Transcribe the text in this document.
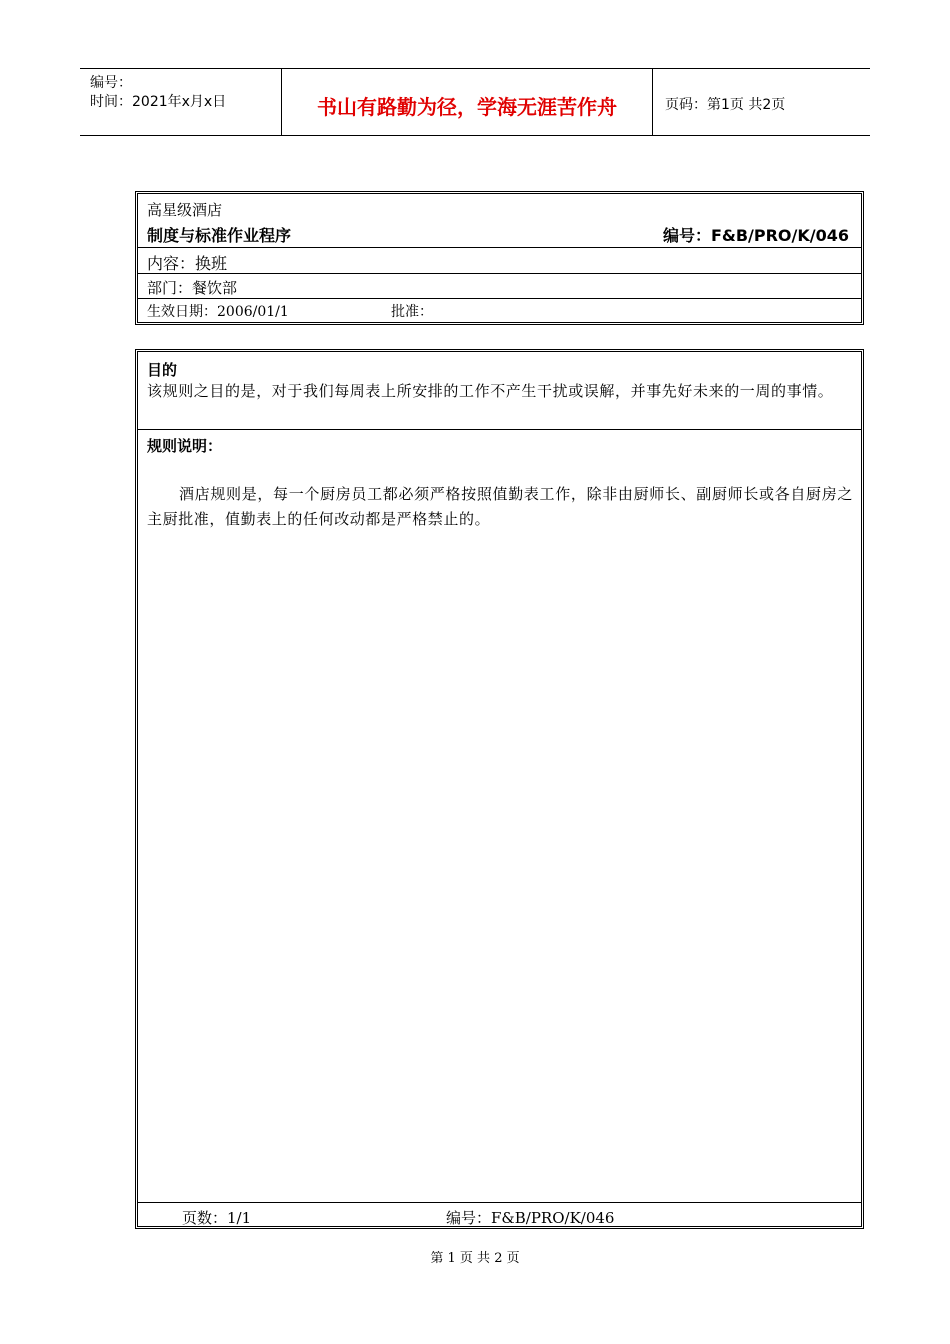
编号：
时间：2021年x月x日	书山有路勤为径，学海无涯苦作舟	页码：第1页 共2页
高星级酒店
制度与标准作业程序	编号：F&B/PRO/K/046
内容：换班
部门：餐饮部
生效日期：2006/01/1	批准：
目的
该规则之目的是，对于我们每周表上所安排的工作不产生干扰或误解，并事先好未来的一周的事情。
规则说明：
酒店规则是，每一个厨房员工都必须严格按照值勤表工作，除非由厨师长、副厨师长或各自厨房之主厨批准，值勤表上的任何改动都是严格禁止的。
页数：1/1	编号：F&B/PRO/K/046
第 1 页 共 2 页
